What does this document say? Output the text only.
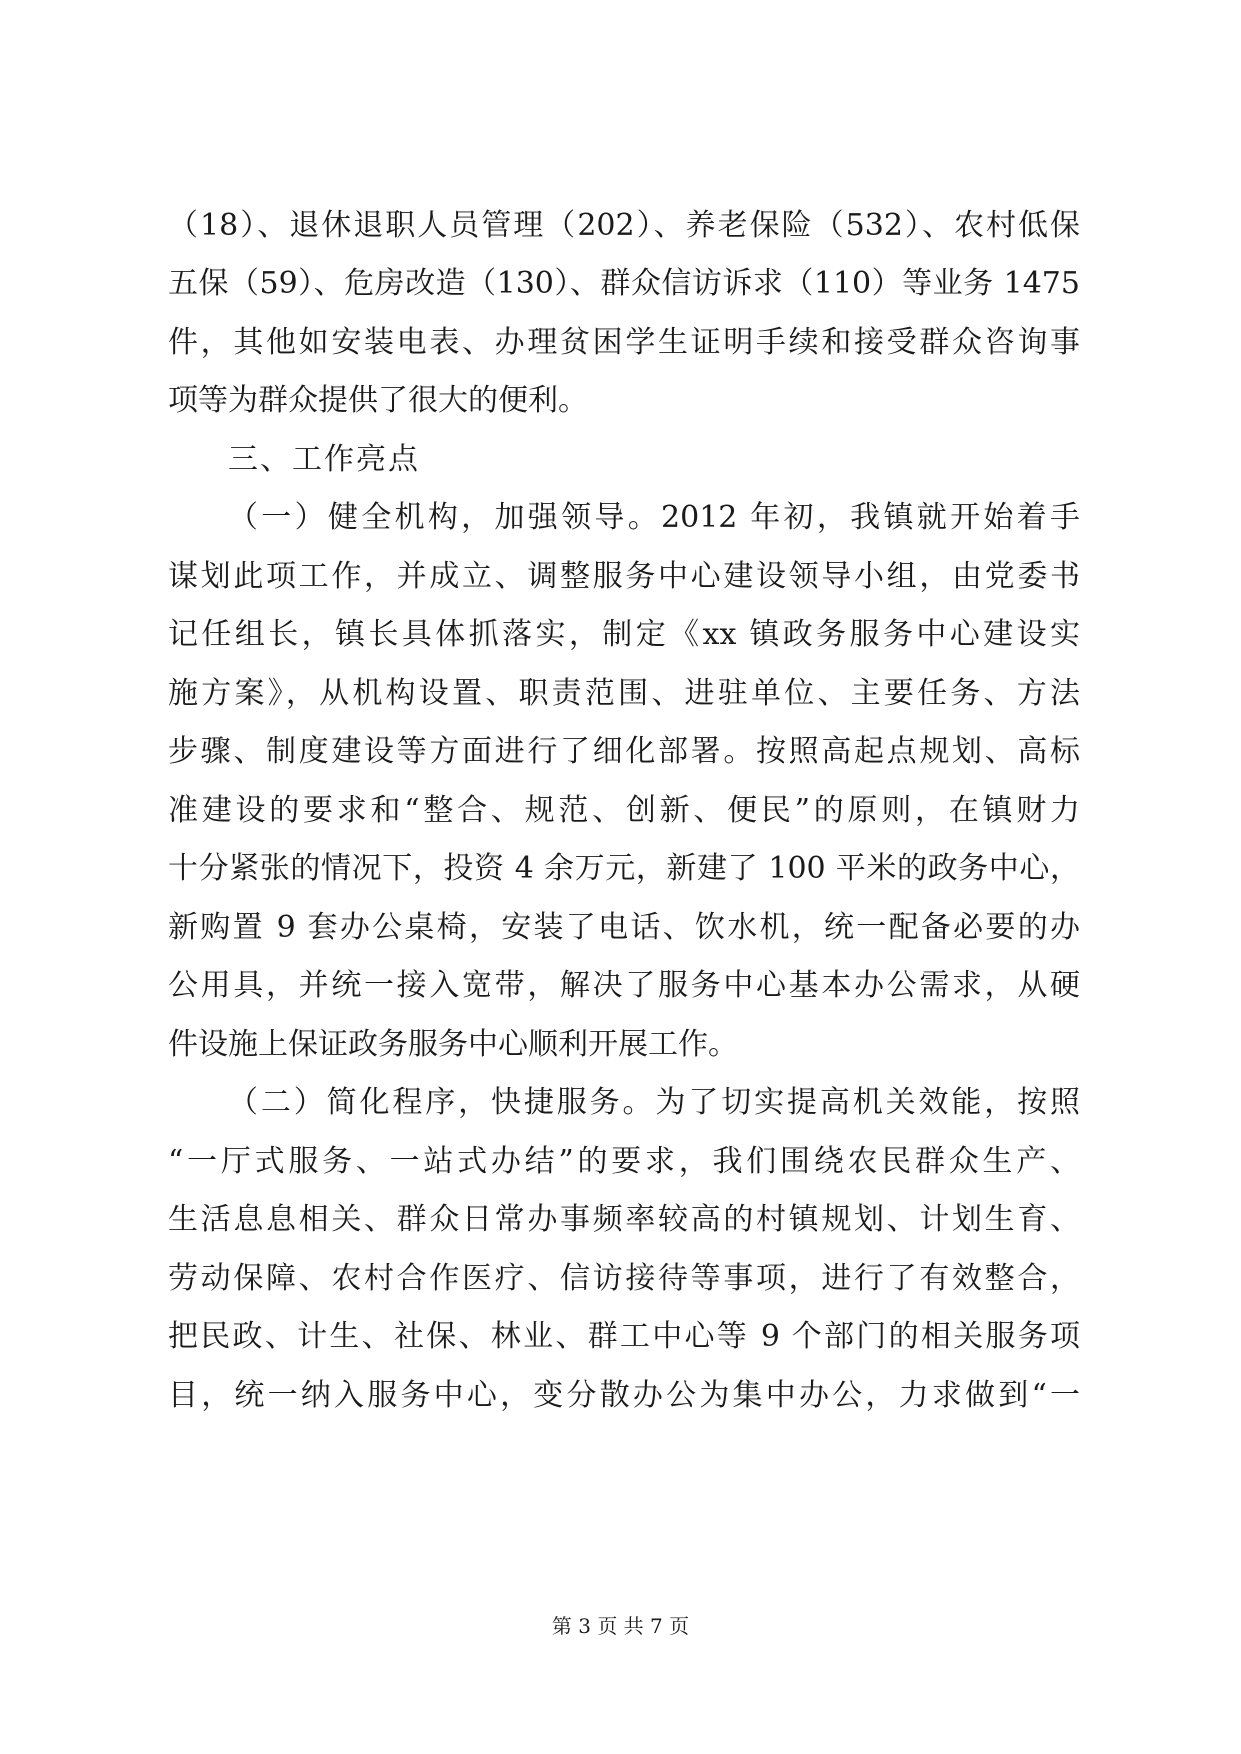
（18）、退休退职人员管理（202）、养老保险（532）、农村低保
五保（59）、危房改造（130）、群众信访诉求（110）等业务 1475
件，其他如安装电表、办理贫困学生证明手续和接受群众咨询事
项等为群众提供了很大的便利。
三、工作亮点
（一）健全机构，加强领导。2012 年初，我镇就开始着手
谋划此项工作，并成立、调整服务中心建设领导小组，由党委书
记任组长，镇长具体抓落实，制定《xx 镇政务服务中心建设实
施方案》，从机构设置、职责范围、进驻单位、主要任务、方法
步骤、制度建设等方面进行了细化部署。按照高起点规划、高标
准建设的要求和“整合、规范、创新、便民”的原则，在镇财力
十分紧张的情况下，投资 4 余万元，新建了 100 平米的政务中心，
新购置 9 套办公桌椅，安装了电话、饮水机，统一配备必要的办
公用具，并统一接入宽带，解决了服务中心基本办公需求，从硬
件设施上保证政务服务中心顺利开展工作。
（二）简化程序，快捷服务。为了切实提高机关效能，按照
“一厅式服务、一站式办结”的要求，我们围绕农民群众生产、
生活息息相关、群众日常办事频率较高的村镇规划、计划生育、
劳动保障、农村合作医疗、信访接待等事项，进行了有效整合，
把民政、计生、社保、林业、群工中心等 9 个部门的相关服务项
目，统一纳入服务中心，变分散办公为集中办公，力求做到“一
第 3 页 共 7 页
